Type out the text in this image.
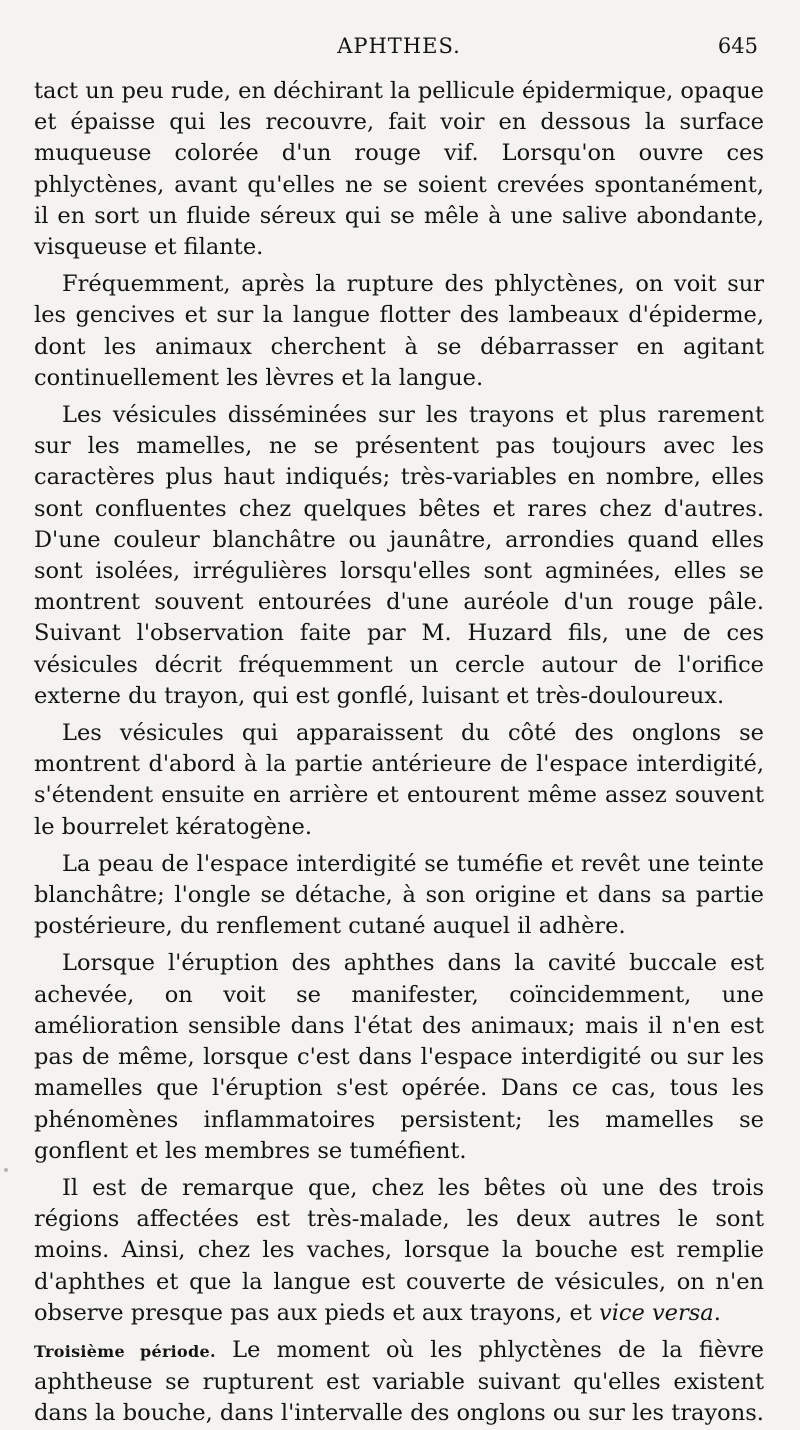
APHTHES.	645

tact un peu rude, en déchirant la pellicule épidermique, opaque et épaisse qui les recouvre, fait voir en dessous la surface muqueuse colorée d'un rouge vif. Lorsqu'on ouvre ces phlyctènes, avant qu'elles ne se soient crevées spontanément, il en sort un fluide séreux qui se mêle à une salive abondante, visqueuse et filante.

Fréquemment, après la rupture des phlyctènes, on voit sur les gencives et sur la langue flotter des lambeaux d'épiderme, dont les animaux cherchent à se débarrasser en agitant continuellement les lèvres et la langue.

Les vésicules disséminées sur les trayons et plus rarement sur les mamelles, ne se présentent pas toujours avec les caractères plus haut indiqués; très-variables en nombre, elles sont confluentes chez quelques bêtes et rares chez d'autres. D'une couleur blanchâtre ou jaunâtre, arrondies quand elles sont isolées, irrégulières lorsqu'elles sont agminées, elles se montrent souvent entourées d'une auréole d'un rouge pâle. Suivant l'observation faite par M. Huzard fils, une de ces vésicules décrit fréquemment un cercle autour de l'orifice externe du trayon, qui est gonflé, luisant et très-douloureux.

Les vésicules qui apparaissent du côté des onglons se montrent d'abord à la partie antérieure de l'espace interdigité, s'étendent ensuite en arrière et entourent même assez souvent le bourrelet kératogène.

La peau de l'espace interdigité se tuméfie et revêt une teinte blanchâtre; l'ongle se détache, à son origine et dans sa partie postérieure, du renflement cutané auquel il adhère.

Lorsque l'éruption des aphthes dans la cavité buccale est achevée, on voit se manifester, coïncidemment, une amélioration sensible dans l'état des animaux; mais il n'en est pas de même, lorsque c'est dans l'espace interdigité ou sur les mamelles que l'éruption s'est opérée. Dans ce cas, tous les phénomènes inflammatoires persistent; les mamelles se gonflent et les membres se tuméfient.

Il est de remarque que, chez les bêtes où une des trois régions affectées est très-malade, les deux autres le sont moins. Ainsi, chez les vaches, lorsque la bouche est remplie d'aphthes et que la langue est couverte de vésicules, on n'en observe presque pas aux pieds et aux trayons, et vice versa.

Troisième période. Le moment où les phlyctènes de la fièvre aphtheuse se rupturent est variable suivant qu'elles existent dans la bouche, dans l'intervalle des onglons ou sur les trayons.
